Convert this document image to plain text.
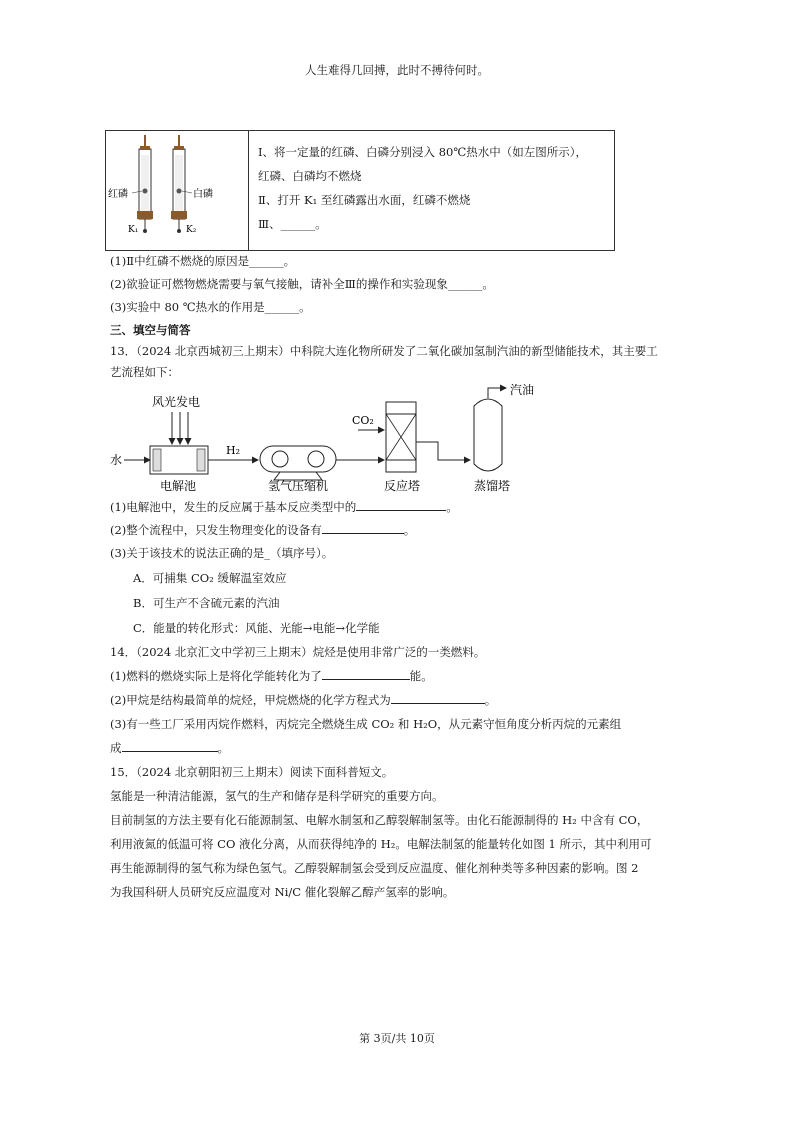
人生难得几回搏，此时不搏待何时。
红磷	白磷
K₁	K₂
Ⅰ、将一定量的红磷、白磷分别浸入 80℃热水中（如左图所示），
红磷、白磷均不燃烧
Ⅱ、打开 K₁ 至红磷露出水面，红磷不燃烧
Ⅲ、______。
(1)Ⅱ中红磷不燃烧的原因是______。
(2)欲验证可燃物燃烧需要与氧气接触，请补全Ⅲ的操作和实验现象______。
(3)实验中 80 ℃热水的作用是______。
三、填空与简答
13．（2024 北京西城初三上期末）中科院大连化物所研发了二氧化碳加氢制汽油的新型储能技术，其主要工
艺流程如下：
水
风光发电
电解池
H₂
氢气压缩机
CO₂
反应塔
汽油
蒸馏塔
(1)电解池中，发生的反应属于基本反应类型中的	。
(2)整个流程中，只发生物理变化的设备有	。
(3)关于该技术的说法正确的是_（填序号）。
A．可捕集 CO₂ 缓解温室效应
B．可生产不含硫元素的汽油
C．能量的转化形式：风能、光能→电能→化学能
14．（2024 北京汇文中学初三上期末）烷烃是使用非常广泛的一类燃料。
(1)燃料的燃烧实际上是将化学能转化为了	能。
(2)甲烷是结构最简单的烷烃，甲烷燃烧的化学方程式为	。
(3)有一些工厂采用丙烷作燃料，丙烷完全燃烧生成 CO₂ 和 H₂O，从元素守恒角度分析丙烷的元素组
成	。
15．（2024 北京朝阳初三上期末）阅读下面科普短文。
氢能是一种清洁能源，氢气的生产和储存是科学研究的重要方向。
目前制氢的方法主要有化石能源制氢、电解水制氢和乙醇裂解制氢等。由化石能源制得的 H₂ 中含有 CO，
利用液氮的低温可将 CO 液化分离，从而获得纯净的 H₂。电解法制氢的能量转化如图 1 所示，其中利用可
再生能源制得的氢气称为绿色氢气。乙醇裂解制氢会受到反应温度、催化剂种类等多种因素的影响。图 2
为我国科研人员研究反应温度对 Ni/C 催化裂解乙醇产氢率的影响。
第 3页/共 10页
